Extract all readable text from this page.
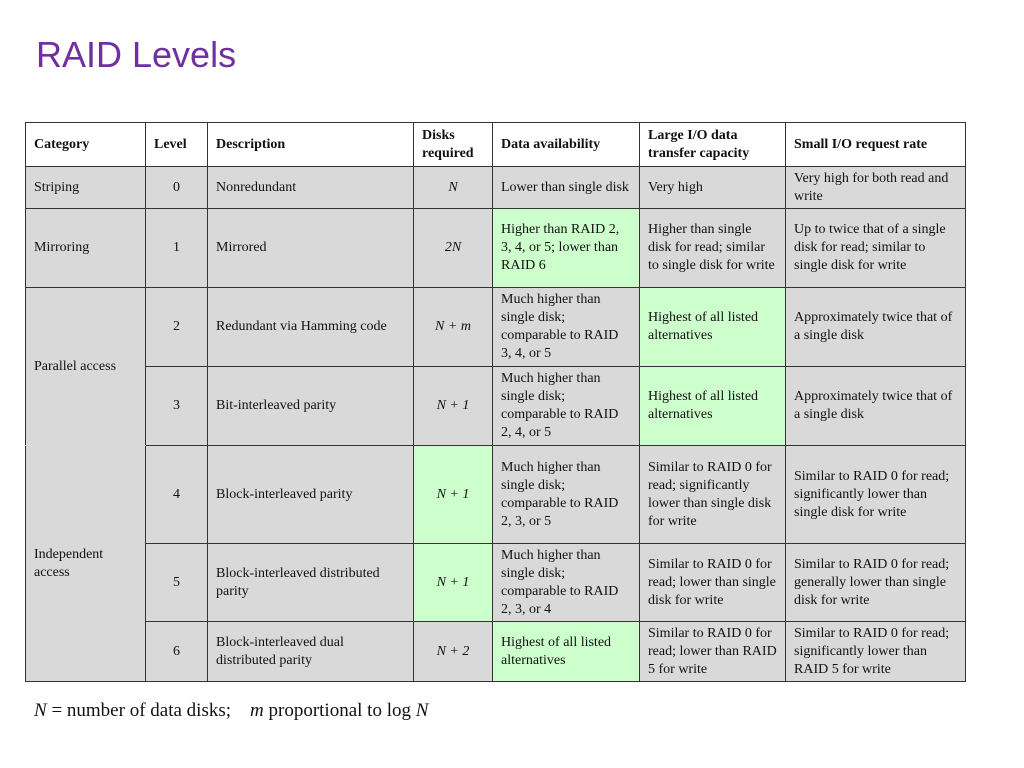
RAID Levels
Category	Level	Description	Disks required	Data availability	Large I/O data transfer capacity	Small I/O request rate
Striping	0	Nonredundant	N	Lower than single disk	Very high	Very high for both read and write
Mirroring	1	Mirrored	2N	Higher than RAID 2, 3, 4, or 5; lower than RAID 6	Higher than single disk for read; similar to single disk for write	Up to twice that of a single disk for read; similar to single disk for write
Parallel access	2	Redundant via Hamming code	N + m	Much higher than single disk; comparable to RAID 3, 4, or 5	Highest of all listed alternatives	Approximately twice that of a single disk
	3	Bit-interleaved parity	N + 1	Much higher than single disk; comparable to RAID 2, 4, or 5	Highest of all listed alternatives	Approximately twice that of a single disk
Independent access	4	Block-interleaved parity	N + 1	Much higher than single disk; comparable to RAID 2, 3, or 5	Similar to RAID 0 for read; significantly lower than single disk for write	Similar to RAID 0 for read; significantly lower than single disk for write
	5	Block-interleaved distributed parity	N + 1	Much higher than single disk; comparable to RAID 2, 3, or 4	Similar to RAID 0 for read; lower than single disk for write	Similar to RAID 0 for read; generally lower than single disk for write
	6	Block-interleaved dual distributed parity	N + 2	Highest of all listed alternatives	Similar to RAID 0 for read; lower than RAID 5 for write	Similar to RAID 0 for read; significantly lower than RAID 5 for write
N = number of data disks; m proportional to log N
